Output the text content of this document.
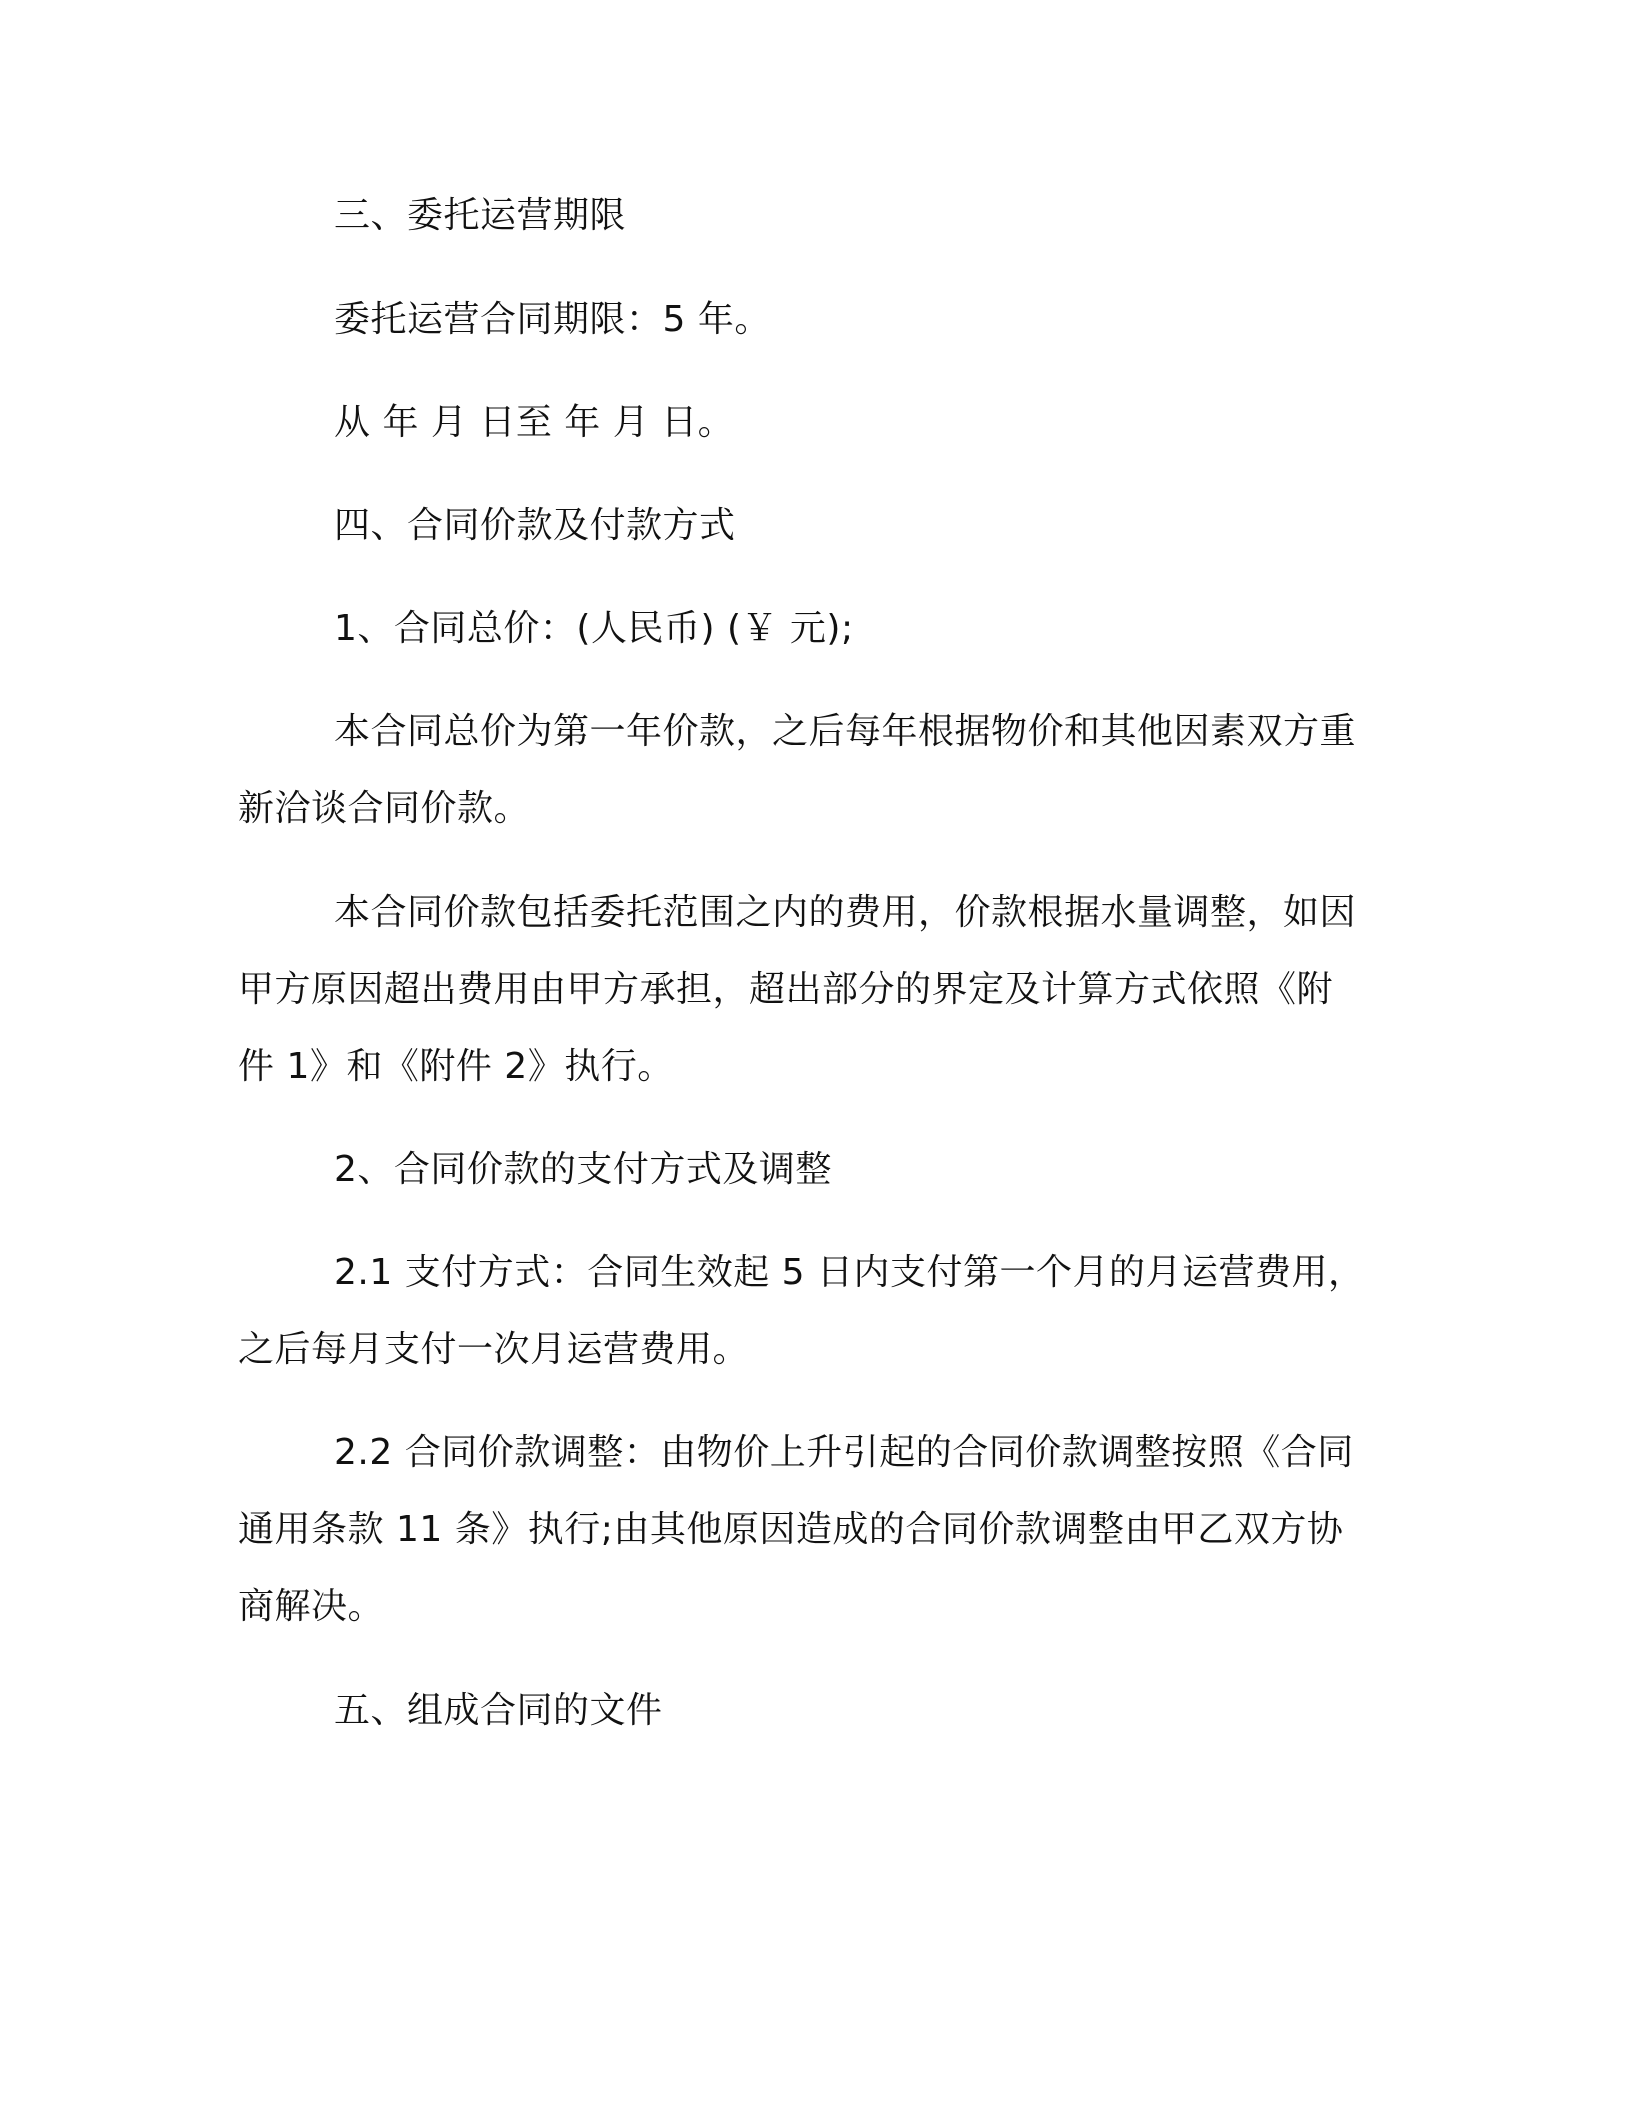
三、委托运营期限
委托运营合同期限：5 年。
从 年 月 日至 年 月 日。
四、合同价款及付款方式
1、合同总价：(人民币) (￥ 元);
本合同总价为第一年价款，之后每年根据物价和其他因素双方重
新洽谈合同价款。
本合同价款包括委托范围之内的费用，价款根据水量调整，如因
甲方原因超出费用由甲方承担，超出部分的界定及计算方式依照《附
件 1》和《附件 2》执行。
2、合同价款的支付方式及调整
2.1 支付方式：合同生效起 5 日内支付第一个月的月运营费用，
之后每月支付一次月运营费用。
2.2 合同价款调整：由物价上升引起的合同价款调整按照《合同
通用条款 11 条》执行;由其他原因造成的合同价款调整由甲乙双方协
商解决。
五、组成合同的文件
